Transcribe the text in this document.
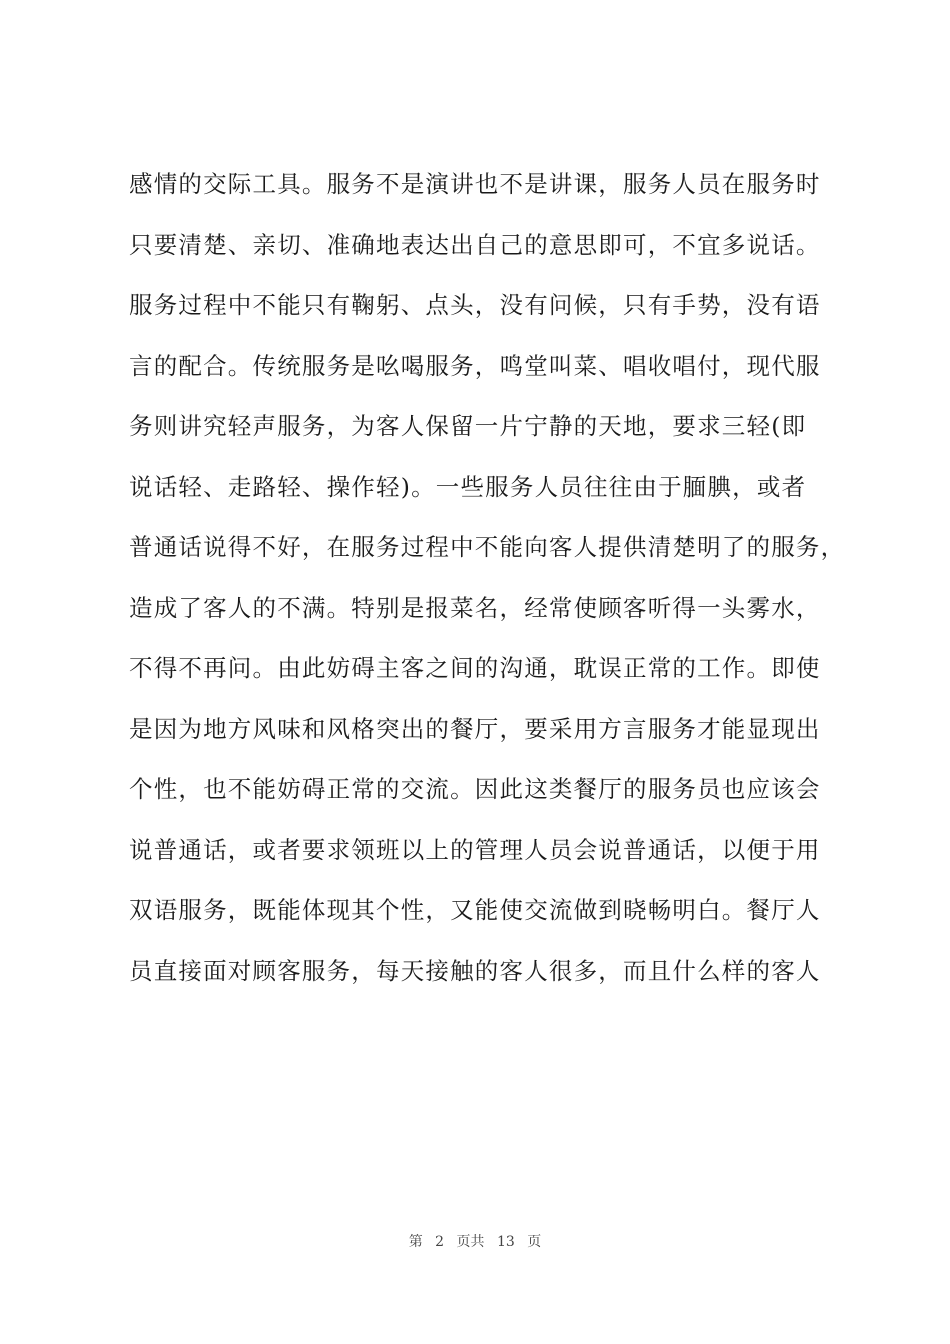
感情的交际工具。服务不是演讲也不是讲课，服务人员在服务时
只要清楚、亲切、准确地表达出自己的意思即可，不宜多说话。
服务过程中不能只有鞠躬、点头，没有问候，只有手势，没有语
言的配合。传统服务是吆喝服务，鸣堂叫菜、唱收唱付，现代服
务则讲究轻声服务，为客人保留一片宁静的天地，要求三轻(即
说话轻、走路轻、操作轻)。一些服务人员往往由于腼腆，或者
普通话说得不好，在服务过程中不能向客人提供清楚明了的服务，
造成了客人的不满。特别是报菜名，经常使顾客听得一头雾水，
不得不再问。由此妨碍主客之间的沟通，耽误正常的工作。即使
是因为地方风味和风格突出的餐厅，要采用方言服务才能显现出
个性，也不能妨碍正常的交流。因此这类餐厅的服务员也应该会
说普通话，或者要求领班以上的管理人员会说普通话，以便于用
双语服务，既能体现其个性，又能使交流做到晓畅明白。餐厅人
员直接面对顾客服务，每天接触的客人很多，而且什么样的客人
第 2 页共 13 页
